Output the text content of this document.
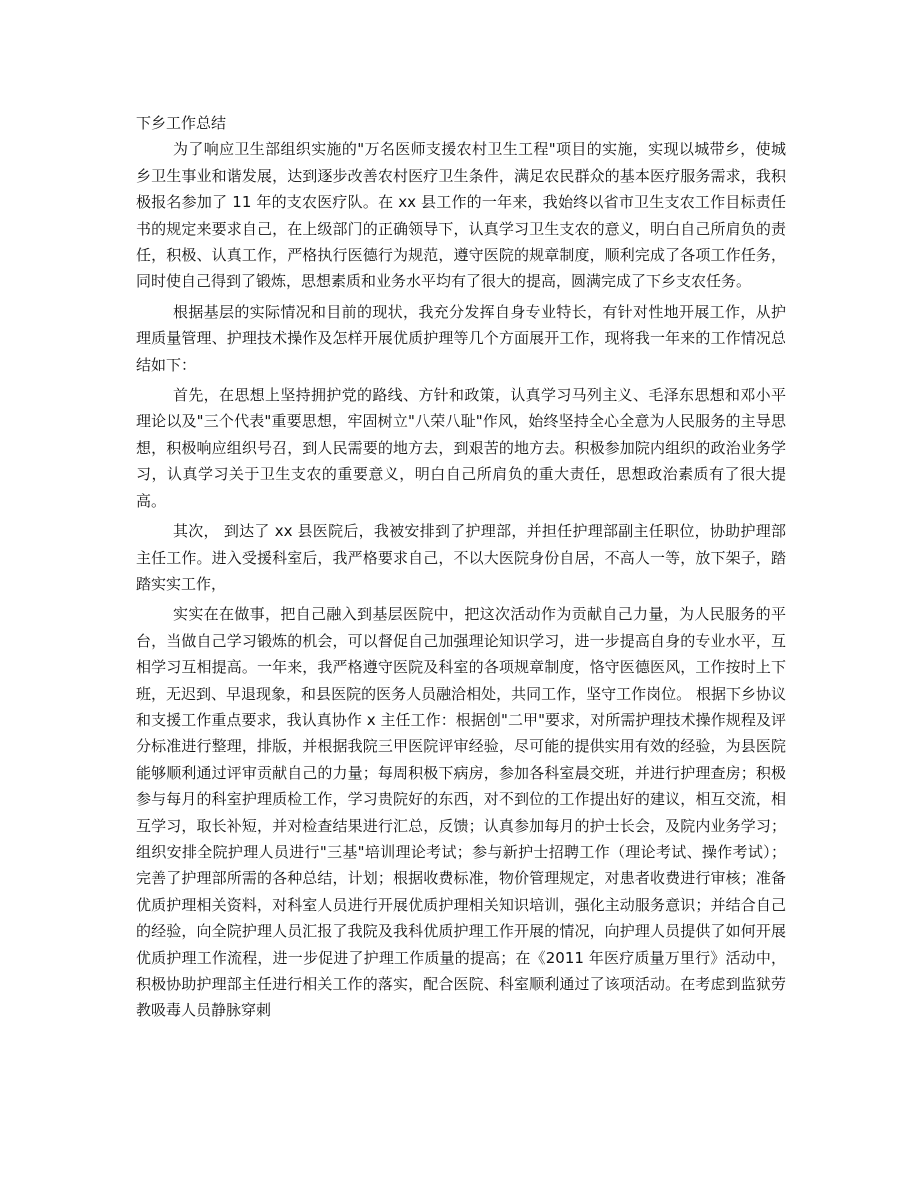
下乡工作总结

为了响应卫生部组织实施的"万名医师支援农村卫生工程"项目的实施，实现以城带乡，使城乡卫生事业和谐发展，达到逐步改善农村医疗卫生条件，满足农民群众的基本医疗服务需求，我积极报名参加了 11 年的支农医疗队。在 xx 县工作的一年来，我始终以省市卫生支农工作目标责任书的规定来要求自己，在上级部门的正确领导下，认真学习卫生支农的意义，明白自己所肩负的责任，积极、认真工作，严格执行医德行为规范，遵守医院的规章制度，顺利完成了各项工作任务，同时使自己得到了锻炼，思想素质和业务水平均有了很大的提高，圆满完成了下乡支农任务。

根据基层的实际情况和目前的现状，我充分发挥自身专业特长，有针对性地开展工作，从护理质量管理、护理技术操作及怎样开展优质护理等几个方面展开工作，现将我一年来的工作情况总结如下：

首先，在思想上坚持拥护党的路线、方针和政策，认真学习马列主义、毛泽东思想和邓小平理论以及"三个代表"重要思想，牢固树立"八荣八耻"作风，始终坚持全心全意为人民服务的主导思想，积极响应组织号召，到人民需要的地方去，到艰苦的地方去。积极参加院内组织的政治业务学习，认真学习关于卫生支农的重要意义，明白自己所肩负的重大责任，思想政治素质有了很大提高。

其次， 到达了 xx 县医院后，我被安排到了护理部，并担任护理部副主任职位，协助护理部主任工作。进入受援科室后，我严格要求自己，不以大医院身份自居，不高人一等，放下架子，踏踏实实工作，

实实在在做事，把自己融入到基层医院中，把这次活动作为贡献自己力量，为人民服务的平台，当做自己学习锻炼的机会，可以督促自己加强理论知识学习，进一步提高自身的专业水平，互相学习互相提高。一年来，我严格遵守医院及科室的各项规章制度，恪守医德医风，工作按时上下班，无迟到、早退现象，和县医院的医务人员融洽相处，共同工作，坚守工作岗位。 根据下乡协议和支援工作重点要求，我认真协作 x 主任工作：根据创"二甲"要求，对所需护理技术操作规程及评分标准进行整理，排版，并根据我院三甲医院评审经验，尽可能的提供实用有效的经验，为县医院能够顺利通过评审贡献自己的力量；每周积极下病房，参加各科室晨交班，并进行护理查房；积极参与每月的科室护理质检工作，学习贵院好的东西，对不到位的工作提出好的建议，相互交流，相互学习，取长补短，并对检查结果进行汇总，反馈；认真参加每月的护士长会，及院内业务学习；组织安排全院护理人员进行"三基"培训理论考试；参与新护士招聘工作（理论考试、操作考试）；完善了护理部所需的各种总结，计划；根据收费标准，物价管理规定，对患者收费进行审核；准备优质护理相关资料，对科室人员进行开展优质护理相关知识培训，强化主动服务意识；并结合自己的经验，向全院护理人员汇报了我院及我科优质护理工作开展的情况，向护理人员提供了如何开展优质护理工作流程，进一步促进了护理工作质量的提高；在《2011 年医疗质量万里行》活动中，积极协助护理部主任进行相关工作的落实，配合医院、科室顺利通过了该项活动。在考虑到监狱劳教吸毒人员静脉穿刺
